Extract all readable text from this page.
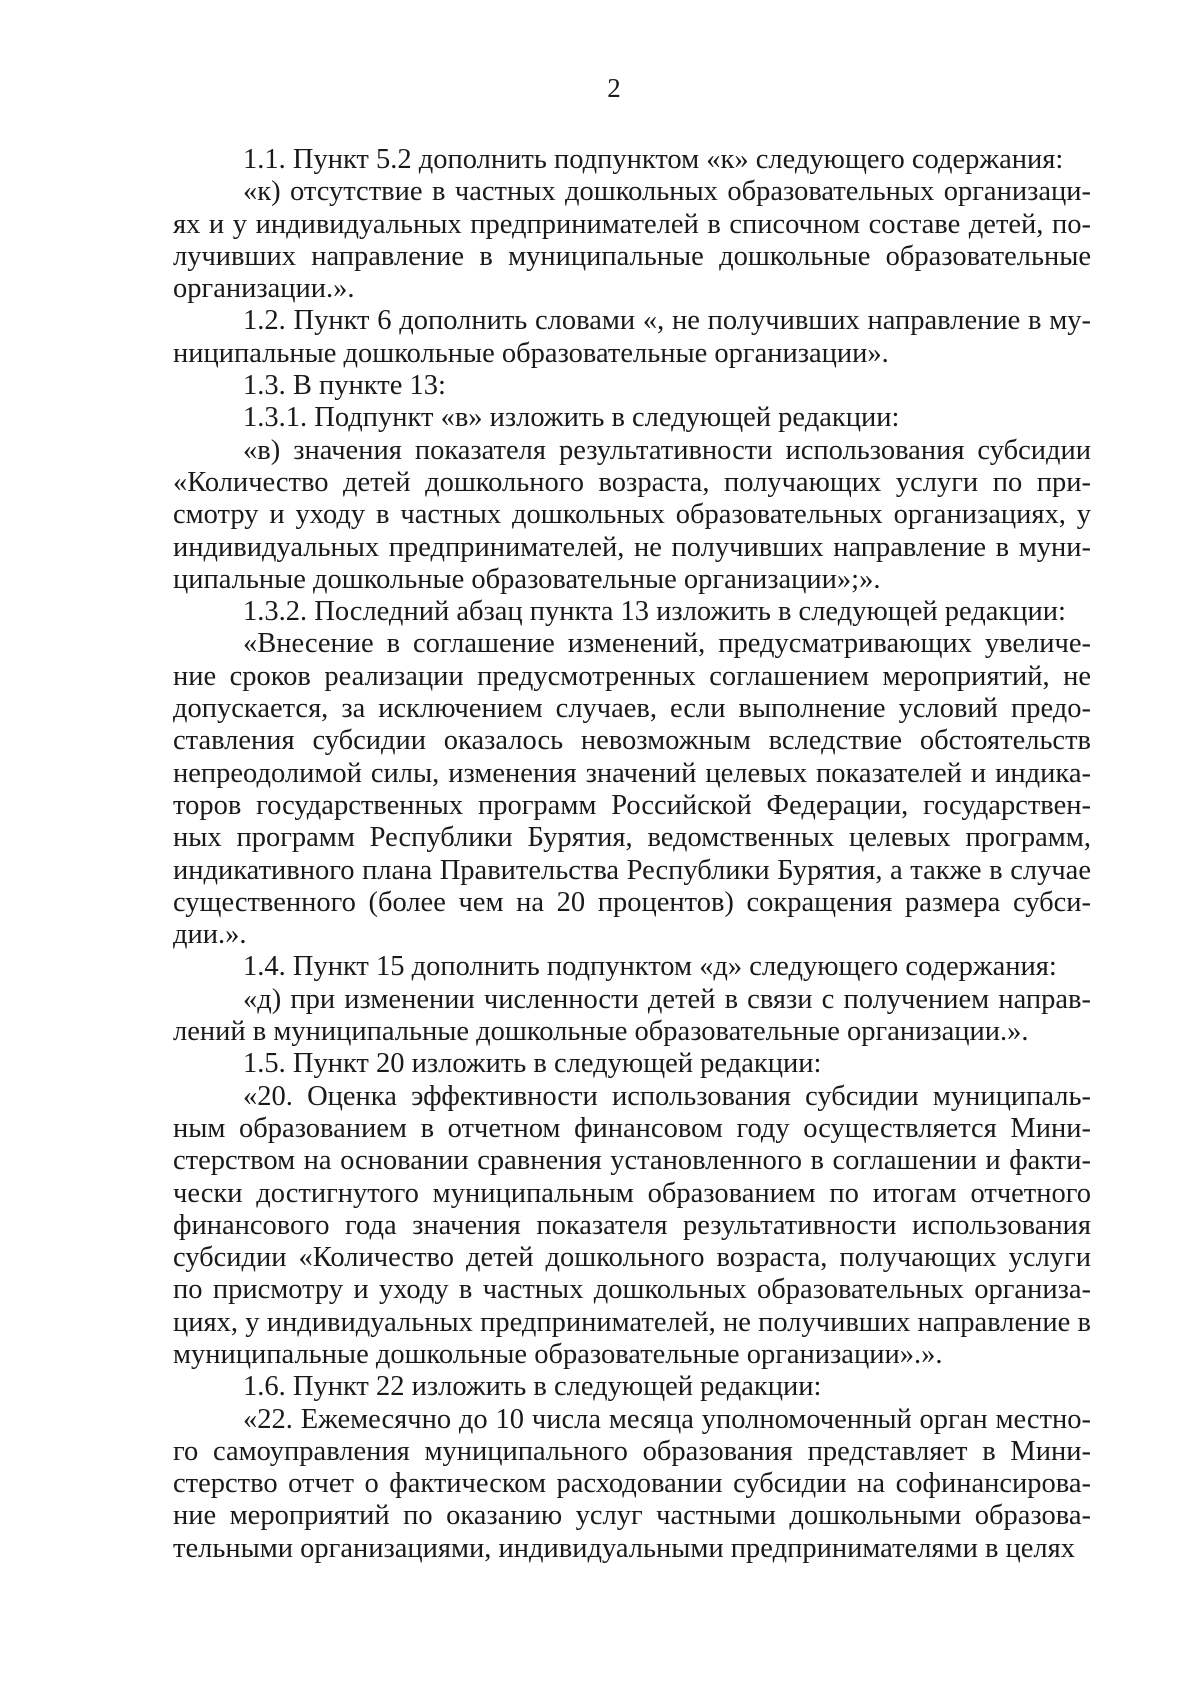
2

1.1. Пункт 5.2 дополнить подпунктом «к» следующего содержания:

«к) отсутствие в частных дошкольных образовательных организациях и у индивидуальных предпринимателей в списочном составе детей, получивших направление в муниципальные дошкольные образовательные организации.».

1.2. Пункт 6 дополнить словами «, не получивших направление в муниципальные дошкольные образовательные организации».

1.3. В пункте 13:

1.3.1. Подпункт «в» изложить в следующей редакции:

«в) значения показателя результативности использования субсидии «Количество детей дошкольного возраста, получающих услуги по присмотру и уходу в частных дошкольных образовательных организациях, у индивидуальных предпринимателей, не получивших направление в муниципальные дошкольные образовательные организации»;».

1.3.2. Последний абзац пункта 13 изложить в следующей редакции:

«Внесение в соглашение изменений, предусматривающих увеличение сроков реализации предусмотренных соглашением мероприятий, не допускается, за исключением случаев, если выполнение условий предоставления субсидии оказалось невозможным вследствие обстоятельств непреодолимой силы, изменения значений целевых показателей и индикаторов государственных программ Российской Федерации, государственных программ Республики Бурятия, ведомственных целевых программ, индикативного плана Правительства Республики Бурятия, а также в случае существенного (более чем на 20 процентов) сокращения размера субсидии.».

1.4. Пункт 15 дополнить подпунктом «д» следующего содержания:

«д) при изменении численности детей в связи с получением направлений в муниципальные дошкольные образовательные организации.».

1.5. Пункт 20 изложить в следующей редакции:

«20. Оценка эффективности использования субсидии муниципальным образованием в отчетном финансовом году осуществляется Министерством на основании сравнения установленного в соглашении и фактически достигнутого муниципальным образованием по итогам отчетного финансового года значения показателя результативности использования субсидии «Количество детей дошкольного возраста, получающих услуги по присмотру и уходу в частных дошкольных образовательных организациях, у индивидуальных предпринимателей, не получивших направление в муниципальные дошкольные образовательные организации».».

1.6. Пункт 22 изложить в следующей редакции:

«22. Ежемесячно до 10 числа месяца уполномоченный орган местного самоуправления муниципального образования представляет в Министерство отчет о фактическом расходовании субсидии на софинансирование мероприятий по оказанию услуг частными дошкольными образовательными организациями, индивидуальными предпринимателями в целях
